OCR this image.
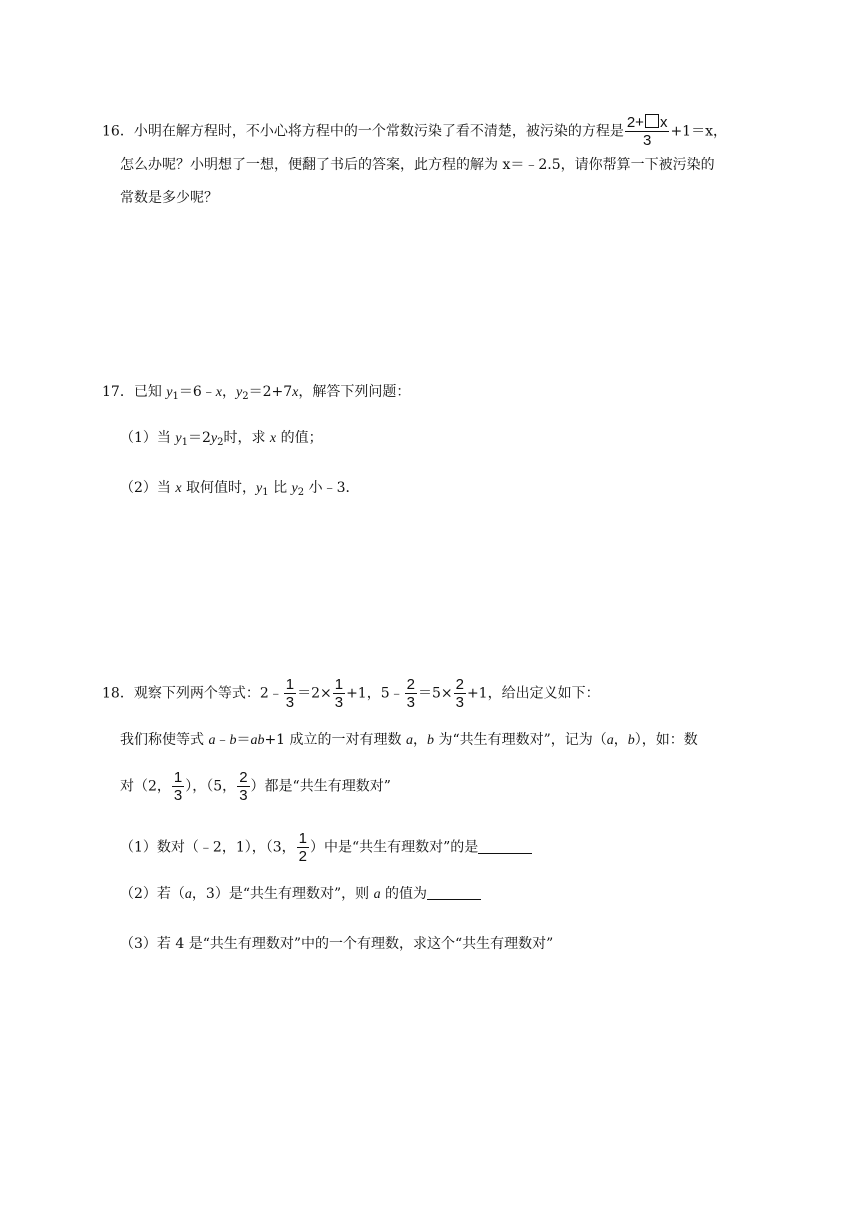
16．小明在解方程时，不小心将方程中的一个常数污染了看不清楚，被污染的方程是 $\frac{2+ x}{3} +1=x$，
怎么办呢？小明想了一想，便翻了书后的答案，此方程的解为 x＝﹣2.5，请你帮算一下被污染的
常数是多少呢？
17．已知 $y_1=6﹣x$，$y_2=2+7x$，解答下列问题：
（1）当 $y_1=2y_2$时，求 x 的值；
（2）当 x 取何值时，$y_1$ 比 $y_2$ 小﹣3．
18．观察下列两个等式：2﹣ $\frac{1}{3} =2\times \frac{1}{3} +1$，5﹣ $\frac{2}{3} =5\times \frac{2}{3} +1$，给出定义如下：
我们称使等式 a﹣b＝ab+1 成立的一对有理数 a，b 为“共生有理数对”，记为（a，b），如：数
对（2， $\frac{1}{3}$ ），（5， $\frac{2}{3}$ ）都是“共生有理数对”
（1）数对（﹣2，1），（3， $\frac{1}{2}$ ）中是“共生有理数对”的是
（2）若（a，3）是“共生有理数对”，则 a 的值为
（3）若 4 是“共生有理数对”中的一个有理数，求这个“共生有理数对”
